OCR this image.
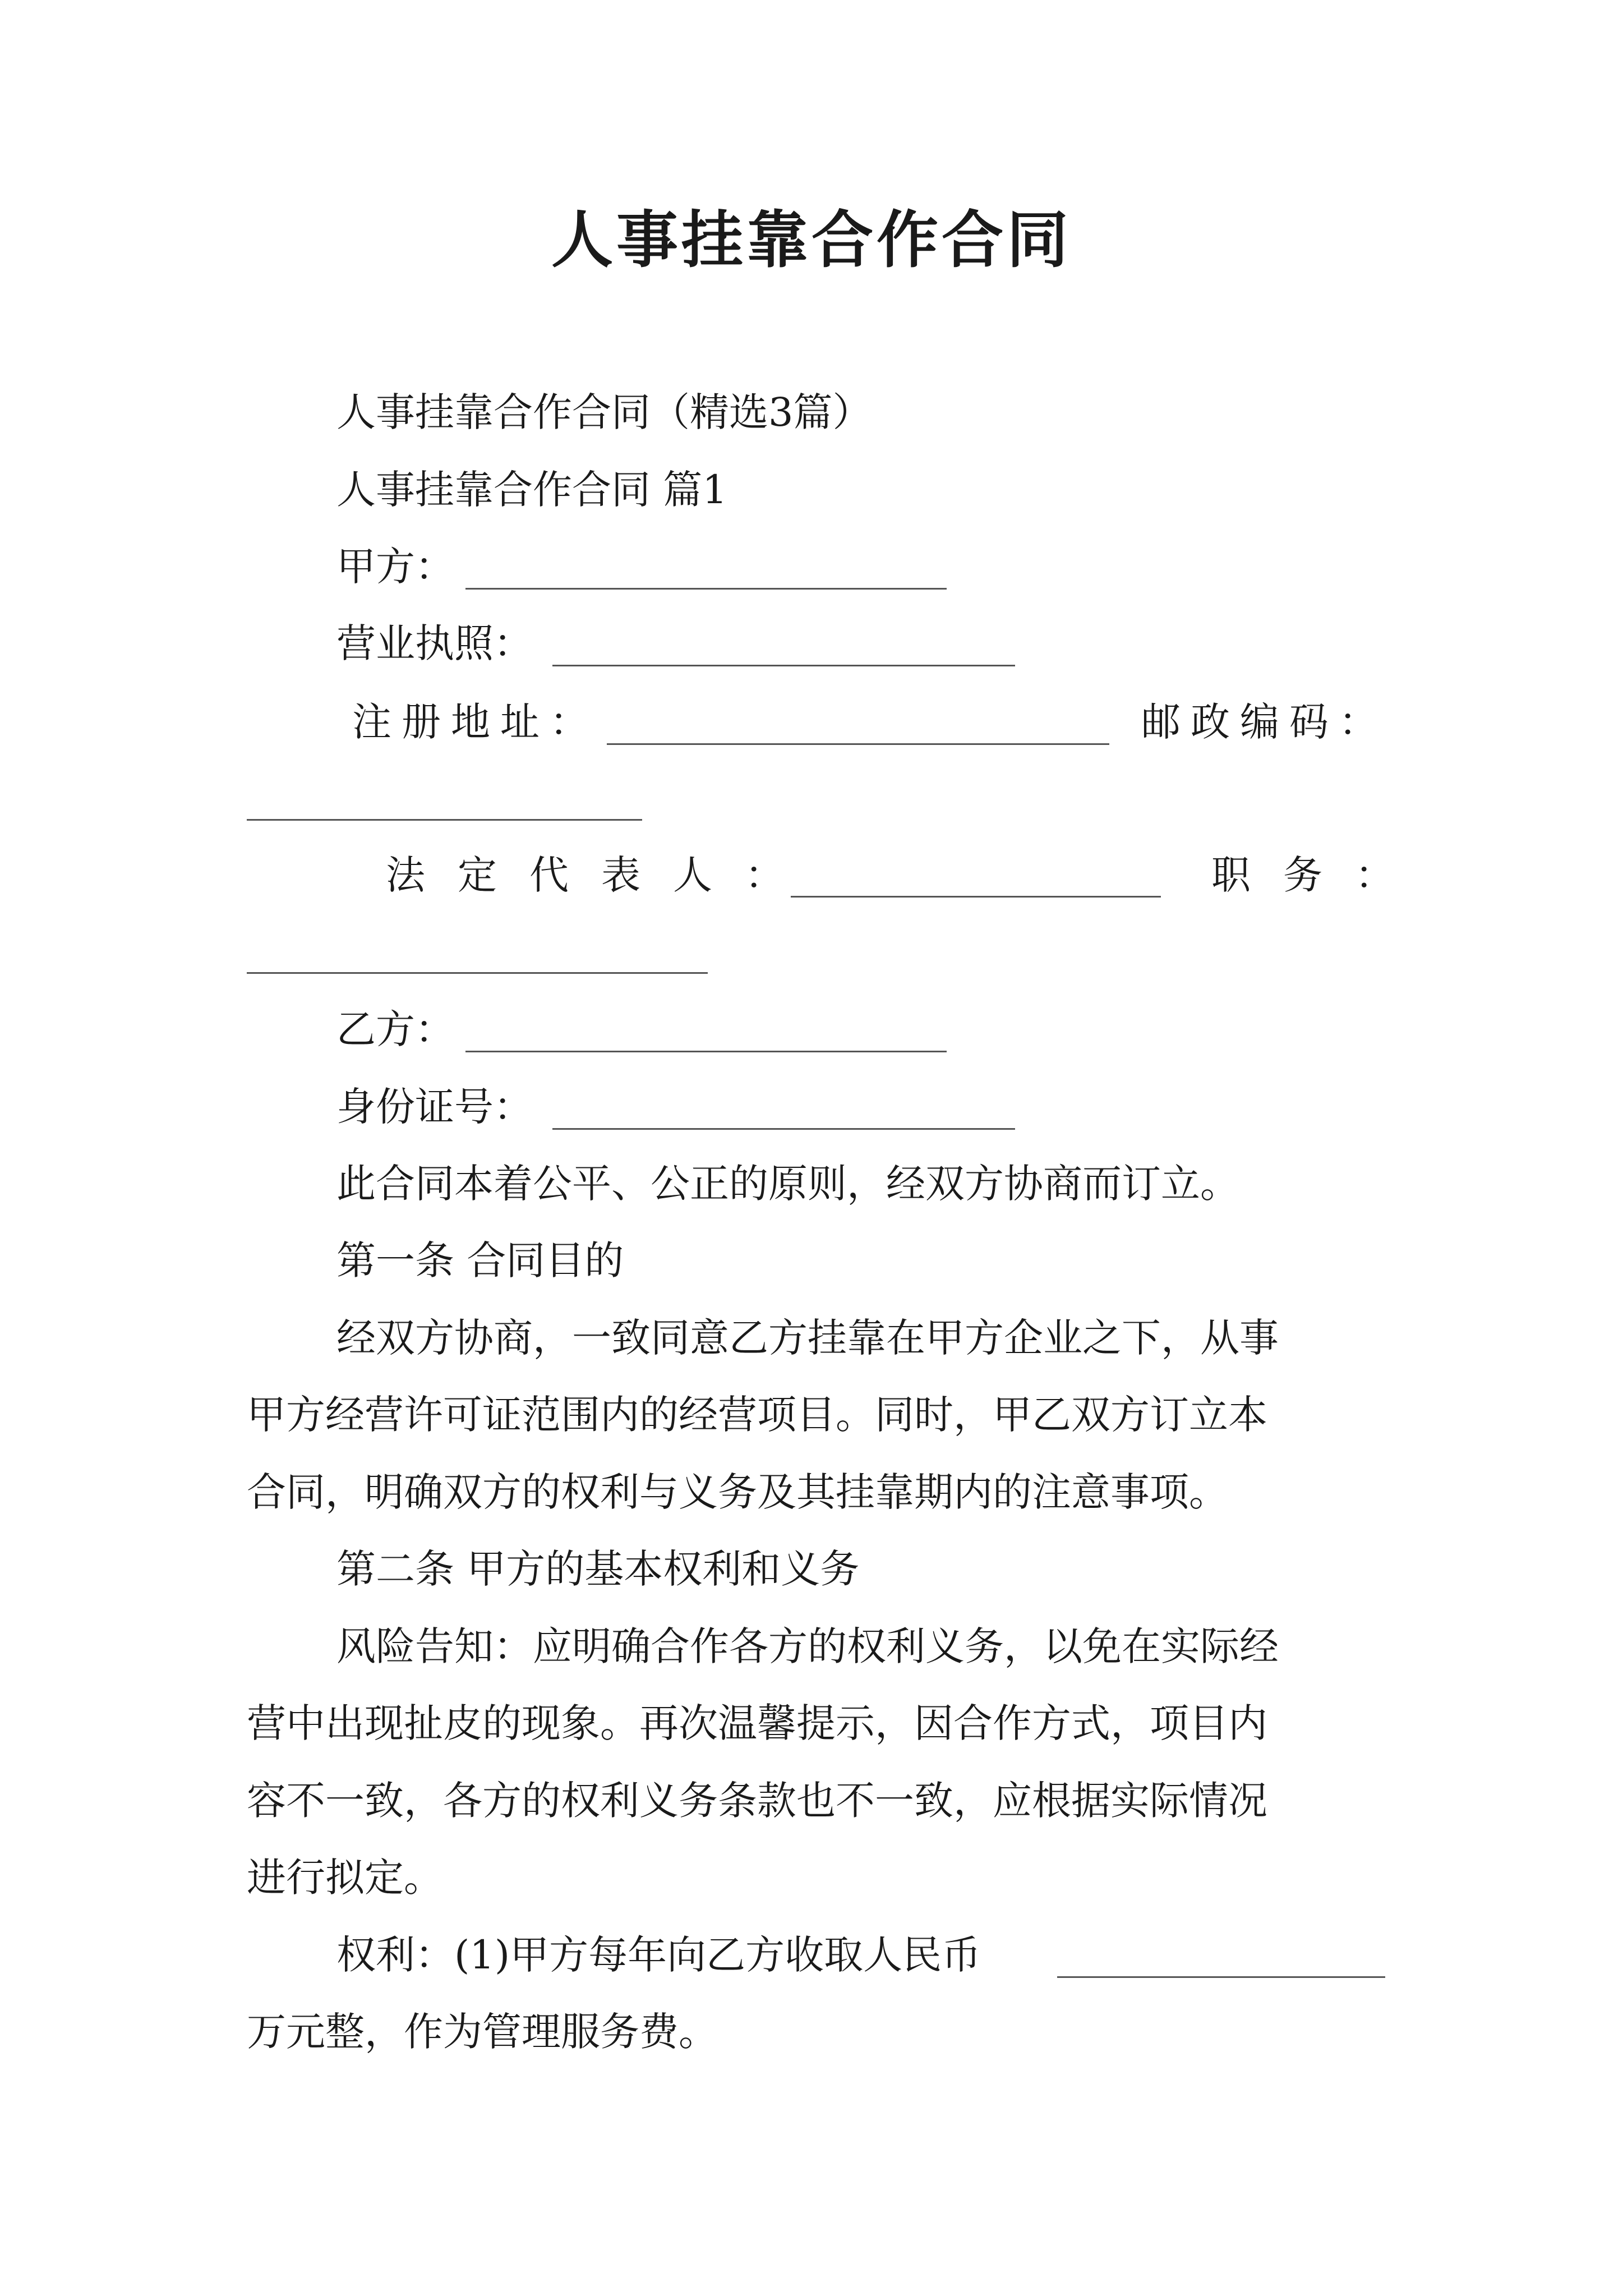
人事挂靠合作合同
人事挂靠合作合同（精选3篇）
人事挂靠合作合同 篇1
甲方：
营业执照：
注册地址：	邮政编码：
法定代表人：	职务：
乙方：
身份证号：
此合同本着公平、公正的原则，经双方协商而订立。
第一条 合同目的
经双方协商，一致同意乙方挂靠在甲方企业之下，从事
甲方经营许可证范围内的经营项目。同时，甲乙双方订立本
合同，明确双方的权利与义务及其挂靠期内的注意事项。
第二条 甲方的基本权利和义务
风险告知：应明确合作各方的权利义务，以免在实际经
营中出现扯皮的现象。再次温馨提示，因合作方式，项目内
容不一致，各方的权利义务条款也不一致，应根据实际情况
进行拟定。
权利：(1)甲方每年向乙方收取人民币
万元整，作为管理服务费。
